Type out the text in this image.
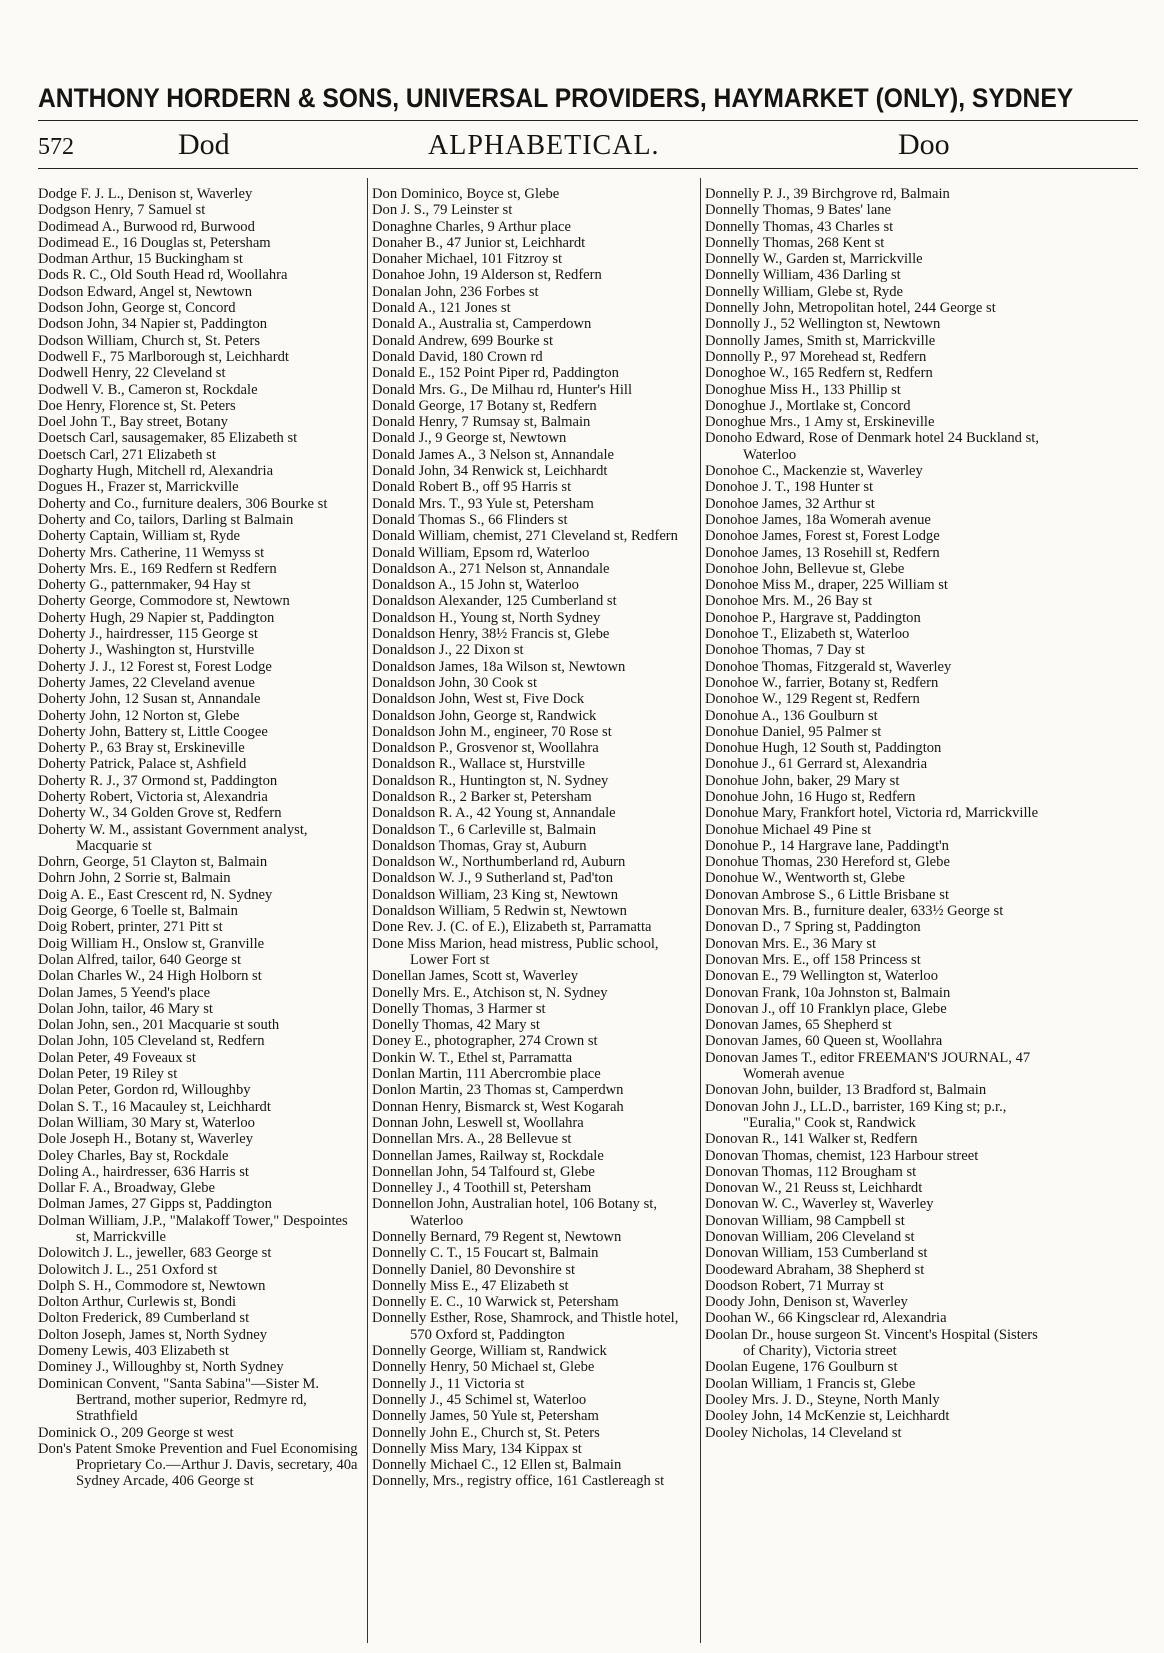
ANTHONY HORDERN & SONS, UNIVERSAL PROVIDERS, HAYMARKET (ONLY), SYDNEY
572	Dod	ALPHABETICAL.	Doo
Dodge F. J. L., Denison st, Waverley
Dodgson Henry, 7 Samuel st
Dodimead A., Burwood rd, Burwood
Dodimead E., 16 Douglas st, Petersham
Dodman Arthur, 15 Buckingham st
Dods R. C., Old South Head rd, Woollahra
Dodson Edward, Angel st, Newtown
Dodson John, George st, Concord
Dodson John, 34 Napier st, Paddington
Dodson William, Church st, St. Peters
Dodwell F., 75 Marlborough st, Leichhardt
Dodwell Henry, 22 Cleveland st
Dodwell V. B., Cameron st, Rockdale
Doe Henry, Florence st, St. Peters
Doel John T., Bay street, Botany
Doetsch Carl, sausagemaker, 85 Elizabeth st
Doetsch Carl, 271 Elizabeth st
Dogharty Hugh, Mitchell rd, Alexandria
Dogues H., Frazer st, Marrickville
Doherty and Co., furniture dealers, 306 Bourke st
Doherty and Co, tailors, Darling st Balmain
Doherty Captain, William st, Ryde
Doherty Mrs. Catherine, 11 Wemyss st
Doherty Mrs. E., 169 Redfern st Redfern
Doherty G., patternmaker, 94 Hay st
Doherty George, Commodore st, Newtown
Doherty Hugh, 29 Napier st, Paddington
Doherty J., hairdresser, 115 George st
Doherty J., Washington st, Hurstville
Doherty J. J., 12 Forest st, Forest Lodge
Doherty James, 22 Cleveland avenue
Doherty John, 12 Susan st, Annandale
Doherty John, 12 Norton st, Glebe
Doherty John, Battery st, Little Coogee
Doherty P., 63 Bray st, Erskineville
Doherty Patrick, Palace st, Ashfield
Doherty R. J., 37 Ormond st, Paddington
Doherty Robert, Victoria st, Alexandria
Doherty W., 34 Golden Grove st, Redfern
Doherty W. M., assistant Government analyst, Macquarie st
Dohrn, George, 51 Clayton st, Balmain
Dohrn John, 2 Sorrie st, Balmain
Doig A. E., East Crescent rd, N. Sydney
Doig George, 6 Toelle st, Balmain
Doig Robert, printer, 271 Pitt st
Doig William H., Onslow st, Granville
Dolan Alfred, tailor, 640 George st
Dolan Charles W., 24 High Holborn st
Dolan James, 5 Yeend's place
Dolan John, tailor, 46 Mary st
Dolan John, sen., 201 Macquarie st south
Dolan John, 105 Cleveland st, Redfern
Dolan Peter, 49 Foveaux st
Dolan Peter, 19 Riley st
Dolan Peter, Gordon rd, Willoughby
Dolan S. T., 16 Macauley st, Leichhardt
Dolan William, 30 Mary st, Waterloo
Dole Joseph H., Botany st, Waverley
Doley Charles, Bay st, Rockdale
Doling A., hairdresser, 636 Harris st
Dollar F. A., Broadway, Glebe
Dolman James, 27 Gipps st, Paddington
Dolman William, J.P., "Malakoff Tower," Despointes st, Marrickville
Dolowitch J. L., jeweller, 683 George st
Dolowitch J. L., 251 Oxford st
Dolph S. H., Commodore st, Newtown
Dolton Arthur, Curlewis st, Bondi
Dolton Frederick, 89 Cumberland st
Dolton Joseph, James st, North Sydney
Domeny Lewis, 403 Elizabeth st
Dominey J., Willoughby st, North Sydney
Dominican Convent, "Santa Sabina"—Sister M. Bertrand, mother superior, Redmyre rd, Strathfield
Dominick O., 209 George st west
Don's Patent Smoke Prevention and Fuel Economising Proprietary Co.—Arthur J. Davis, secretary, 40a Sydney Arcade, 406 George st
Don Dominico, Boyce st, Glebe
Don J. S., 79 Leinster st
Donaghne Charles, 9 Arthur place
Donaher B., 47 Junior st, Leichhardt
Donaher Michael, 101 Fitzroy st
Donahoe John, 19 Alderson st, Redfern
Donalan John, 236 Forbes st
Donald A., 121 Jones st
Donald A., Australia st, Camperdown
Donald Andrew, 699 Bourke st
Donald David, 180 Crown rd
Donald E., 152 Point Piper rd, Paddington
Donald Mrs. G., De Milhau rd, Hunter's Hill
Donald George, 17 Botany st, Redfern
Donald Henry, 7 Rumsay st, Balmain
Donald J., 9 George st, Newtown
Donald James A., 3 Nelson st, Annandale
Donald John, 34 Renwick st, Leichhardt
Donald Robert B., off 95 Harris st
Donald Mrs. T., 93 Yule st, Petersham
Donald Thomas S., 66 Flinders st
Donald William, chemist, 271 Cleveland st, Redfern
Donald William, Epsom rd, Waterloo
Donaldson A., 271 Nelson st, Annandale
Donaldson A., 15 John st, Waterloo
Donaldson Alexander, 125 Cumberland st
Donaldson H., Young st, North Sydney
Donaldson Henry, 38½ Francis st, Glebe
Donaldson J., 22 Dixon st
Donaldson James, 18a Wilson st, Newtown
Donaldson John, 30 Cook st
Donaldson John, West st, Five Dock
Donaldson John, George st, Randwick
Donaldson John M., engineer, 70 Rose st
Donaldson P., Grosvenor st, Woollahra
Donaldson R., Wallace st, Hurstville
Donaldson R., Huntington st, N. Sydney
Donaldson R., 2 Barker st, Petersham
Donaldson R. A., 42 Young st, Annandale
Donaldson T., 6 Carleville st, Balmain
Donaldson Thomas, Gray st, Auburn
Donaldson W., Northumberland rd, Auburn
Donaldson W. J., 9 Sutherland st, Pad'ton
Donaldson William, 23 King st, Newtown
Donaldson William, 5 Redwin st, Newtown
Done Rev. J. (C. of E.), Elizabeth st, Parramatta
Done Miss Marion, head mistress, Public school, Lower Fort st
Donellan James, Scott st, Waverley
Donelly Mrs. E., Atchison st, N. Sydney
Donelly Thomas, 3 Harmer st
Donelly Thomas, 42 Mary st
Doney E., photographer, 274 Crown st
Donkin W. T., Ethel st, Parramatta
Donlan Martin, 111 Abercrombie place
Donlon Martin, 23 Thomas st, Camperdwn
Donnan Henry, Bismarck st, West Kogarah
Donnan John, Leswell st, Woollahra
Donnellan Mrs. A., 28 Bellevue st
Donnellan James, Railway st, Rockdale
Donnellan John, 54 Talfourd st, Glebe
Donnelley J., 4 Toothill st, Petersham
Donnellon John, Australian hotel, 106 Botany st, Waterloo
Donnelly Bernard, 79 Regent st, Newtown
Donnelly C. T., 15 Foucart st, Balmain
Donnelly Daniel, 80 Devonshire st
Donnelly Miss E., 47 Elizabeth st
Donnelly E. C., 10 Warwick st, Petersham
Donnelly Esther, Rose, Shamrock, and Thistle hotel, 570 Oxford st, Paddington
Donnelly George, William st, Randwick
Donnelly Henry, 50 Michael st, Glebe
Donnelly J., 11 Victoria st
Donnelly J., 45 Schimel st, Waterloo
Donnelly James, 50 Yule st, Petersham
Donnelly John E., Church st, St. Peters
Donnelly Miss Mary, 134 Kippax st
Donnelly Michael C., 12 Ellen st, Balmain
Donnelly, Mrs., registry office, 161 Castlereagh st
Donnelly P. J., 39 Birchgrove rd, Balmain
Donnelly Thomas, 9 Bates' lane
Donnelly Thomas, 43 Charles st
Donnelly Thomas, 268 Kent st
Donnelly W., Garden st, Marrickville
Donnelly William, 436 Darling st
Donnelly William, Glebe st, Ryde
Donnelly John, Metropolitan hotel, 244 George st
Donnolly J., 52 Wellington st, Newtown
Donnolly James, Smith st, Marrickville
Donnolly P., 97 Morehead st, Redfern
Donoghoe W., 165 Redfern st, Redfern
Donoghue Miss H., 133 Phillip st
Donoghue J., Mortlake st, Concord
Donoghue Mrs., 1 Amy st, Erskineville
Donoho Edward, Rose of Denmark hotel 24 Buckland st, Waterloo
Donohoe C., Mackenzie st, Waverley
Donohoe J. T., 198 Hunter st
Donohoe James, 32 Arthur st
Donohoe James, 18a Womerah avenue
Donohoe James, Forest st, Forest Lodge
Donohoe James, 13 Rosehill st, Redfern
Donohoe John, Bellevue st, Glebe
Donohoe Miss M., draper, 225 William st
Donohoe Mrs. M., 26 Bay st
Donohoe P., Hargrave st, Paddington
Donohoe T., Elizabeth st, Waterloo
Donohoe Thomas, 7 Day st
Donohoe Thomas, Fitzgerald st, Waverley
Donohoe W., farrier, Botany st, Redfern
Donohoe W., 129 Regent st, Redfern
Donohue A., 136 Goulburn st
Donohue Daniel, 95 Palmer st
Donohue Hugh, 12 South st, Paddington
Donohue J., 61 Gerrard st, Alexandria
Donohue John, baker, 29 Mary st
Donohue John, 16 Hugo st, Redfern
Donohue Mary, Frankfort hotel, Victoria rd, Marrickville
Donohue Michael 49 Pine st
Donohue P., 14 Hargrave lane, Paddingt'n
Donohue Thomas, 230 Hereford st, Glebe
Donohue W., Wentworth st, Glebe
Donovan Ambrose S., 6 Little Brisbane st
Donovan Mrs. B., furniture dealer, 633½ George st
Donovan D., 7 Spring st, Paddington
Donovan Mrs. E., 36 Mary st
Donovan Mrs. E., off 158 Princess st
Donovan E., 79 Wellington st, Waterloo
Donovan Frank, 10a Johnston st, Balmain
Donovan J., off 10 Franklyn place, Glebe
Donovan James, 65 Shepherd st
Donovan James, 60 Queen st, Woollahra
Donovan James T., editor FREEMAN'S JOURNAL, 47 Womerah avenue
Donovan John, builder, 13 Bradford st, Balmain
Donovan John J., LL.D., barrister, 169 King st; p.r., "Euralia," Cook st, Randwick
Donovan R., 141 Walker st, Redfern
Donovan Thomas, chemist, 123 Harbour street
Donovan Thomas, 112 Brougham st
Donovan W., 21 Reuss st, Leichhardt
Donovan W. C., Waverley st, Waverley
Donovan William, 98 Campbell st
Donovan William, 206 Cleveland st
Donovan William, 153 Cumberland st
Doodeward Abraham, 38 Shepherd st
Doodson Robert, 71 Murray st
Doody John, Denison st, Waverley
Doohan W., 66 Kingsclear rd, Alexandria
Doolan Dr., house surgeon St. Vincent's Hospital (Sisters of Charity), Victoria street
Doolan Eugene, 176 Goulburn st
Doolan William, 1 Francis st, Glebe
Dooley Mrs. J. D., Steyne, North Manly
Dooley John, 14 McKenzie st, Leichhardt
Dooley Nicholas, 14 Cleveland st
